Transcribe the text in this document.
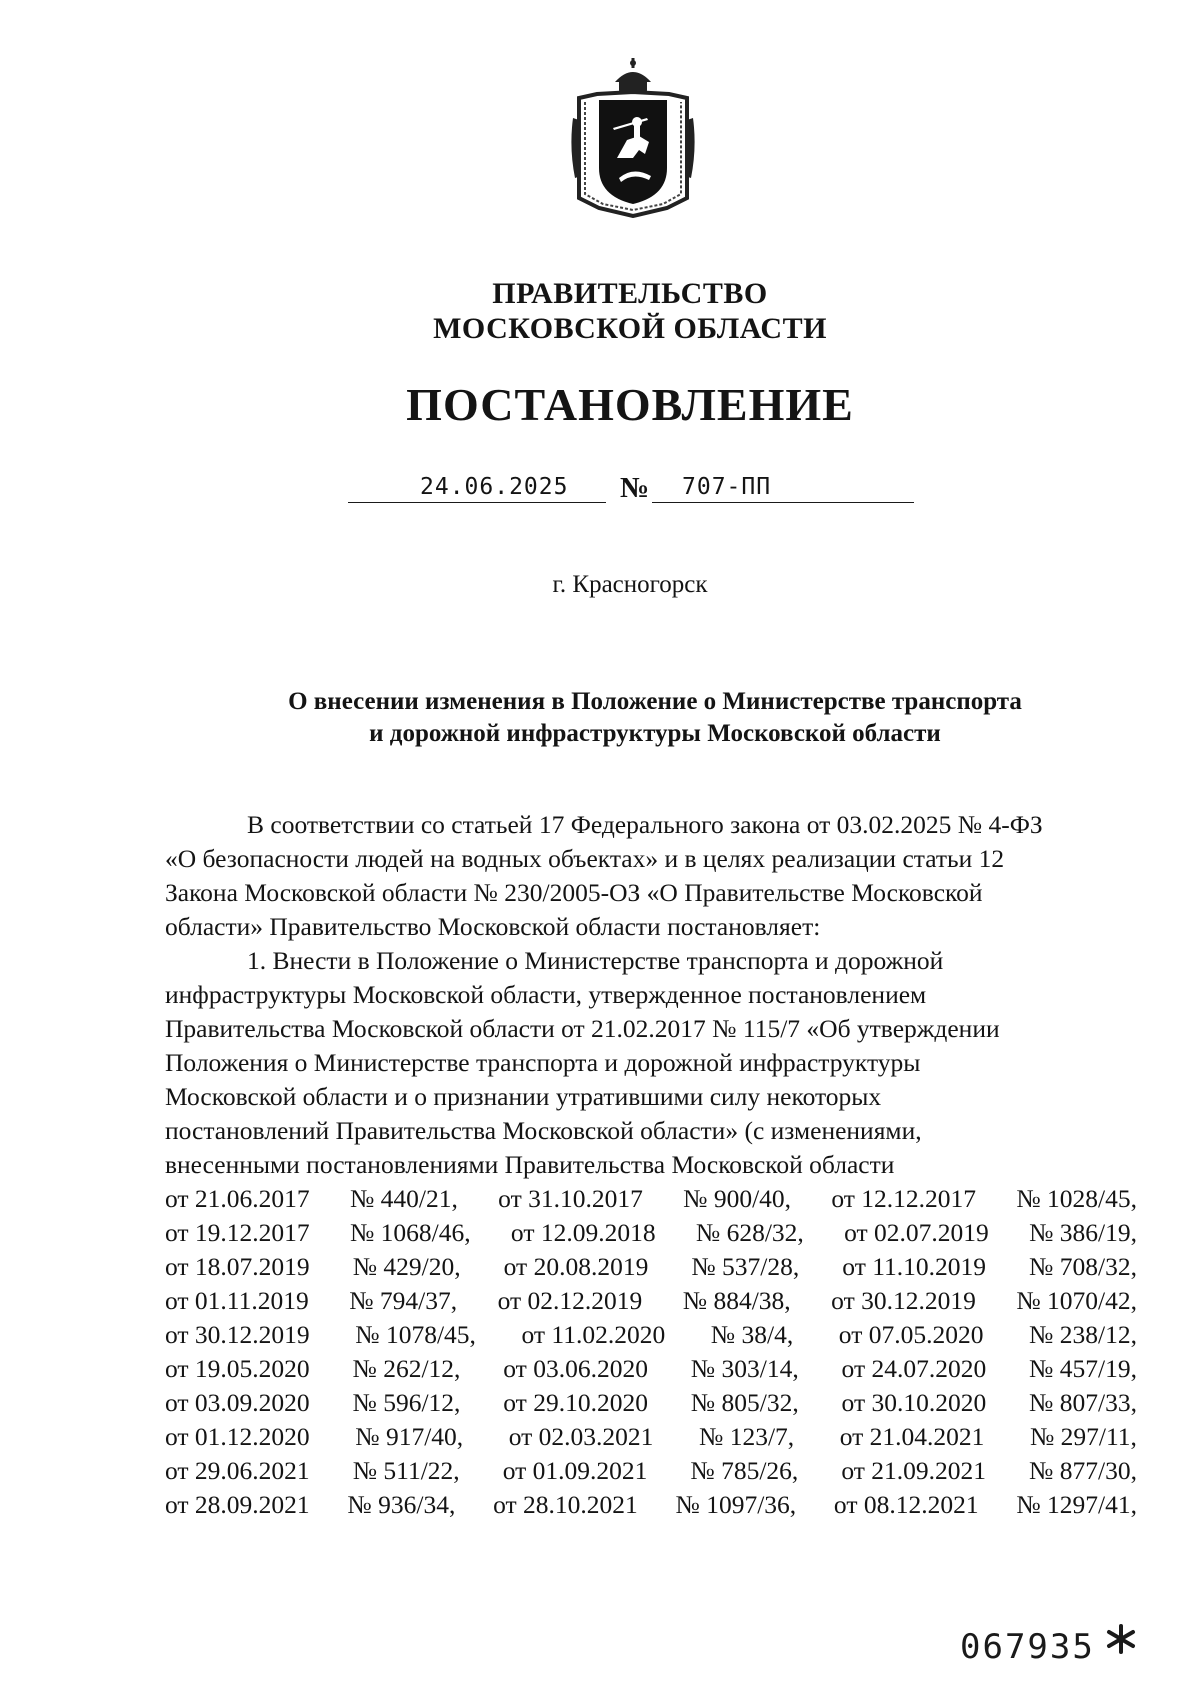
ПРАВИТЕЛЬСТВО
МОСКОВСКОЙ ОБЛАСТИ
ПОСТАНОВЛЕНИЕ
24.06.2025 № 707-ПП
г. Красногорск
О внесении изменения в Положение о Министерстве транспорта
и дорожной инфраструктуры Московской области
В соответствии со статьей 17 Федерального закона от 03.02.2025 № 4-ФЗ
«О безопасности людей на водных объектах» и в целях реализации статьи 12
Закона Московской области № 230/2005-ОЗ «О Правительстве Московской
области» Правительство Московской области постановляет:
1. Внести в Положение о Министерстве транспорта и дорожной
инфраструктуры Московской области, утвержденное постановлением
Правительства Московской области от 21.02.2017 № 115/7 «Об утверждении
Положения о Министерстве транспорта и дорожной инфраструктуры
Московской области и о признании утратившими силу некоторых
постановлений Правительства Московской области» (с изменениями,
внесенными постановлениями Правительства Московской области
от 21.06.2017 № 440/21, от 31.10.2017 № 900/40, от 12.12.2017 № 1028/45,
от 19.12.2017 № 1068/46, от 12.09.2018 № 628/32, от 02.07.2019 № 386/19,
от 18.07.2019 № 429/20, от 20.08.2019 № 537/28, от 11.10.2019 № 708/32,
от 01.11.2019 № 794/37, от 02.12.2019 № 884/38, от 30.12.2019 № 1070/42,
от 30.12.2019 № 1078/45, от 11.02.2020 № 38/4, от 07.05.2020 № 238/12,
от 19.05.2020 № 262/12, от 03.06.2020 № 303/14, от 24.07.2020 № 457/19,
от 03.09.2020 № 596/12, от 29.10.2020 № 805/32, от 30.10.2020 № 807/33,
от 01.12.2020 № 917/40, от 02.03.2021 № 123/7, от 21.04.2021 № 297/11,
от 29.06.2021 № 511/22, от 01.09.2021 № 785/26, от 21.09.2021 № 877/30,
от 28.09.2021 № 936/34, от 28.10.2021 № 1097/36, от 08.12.2021 № 1297/41,
067935
